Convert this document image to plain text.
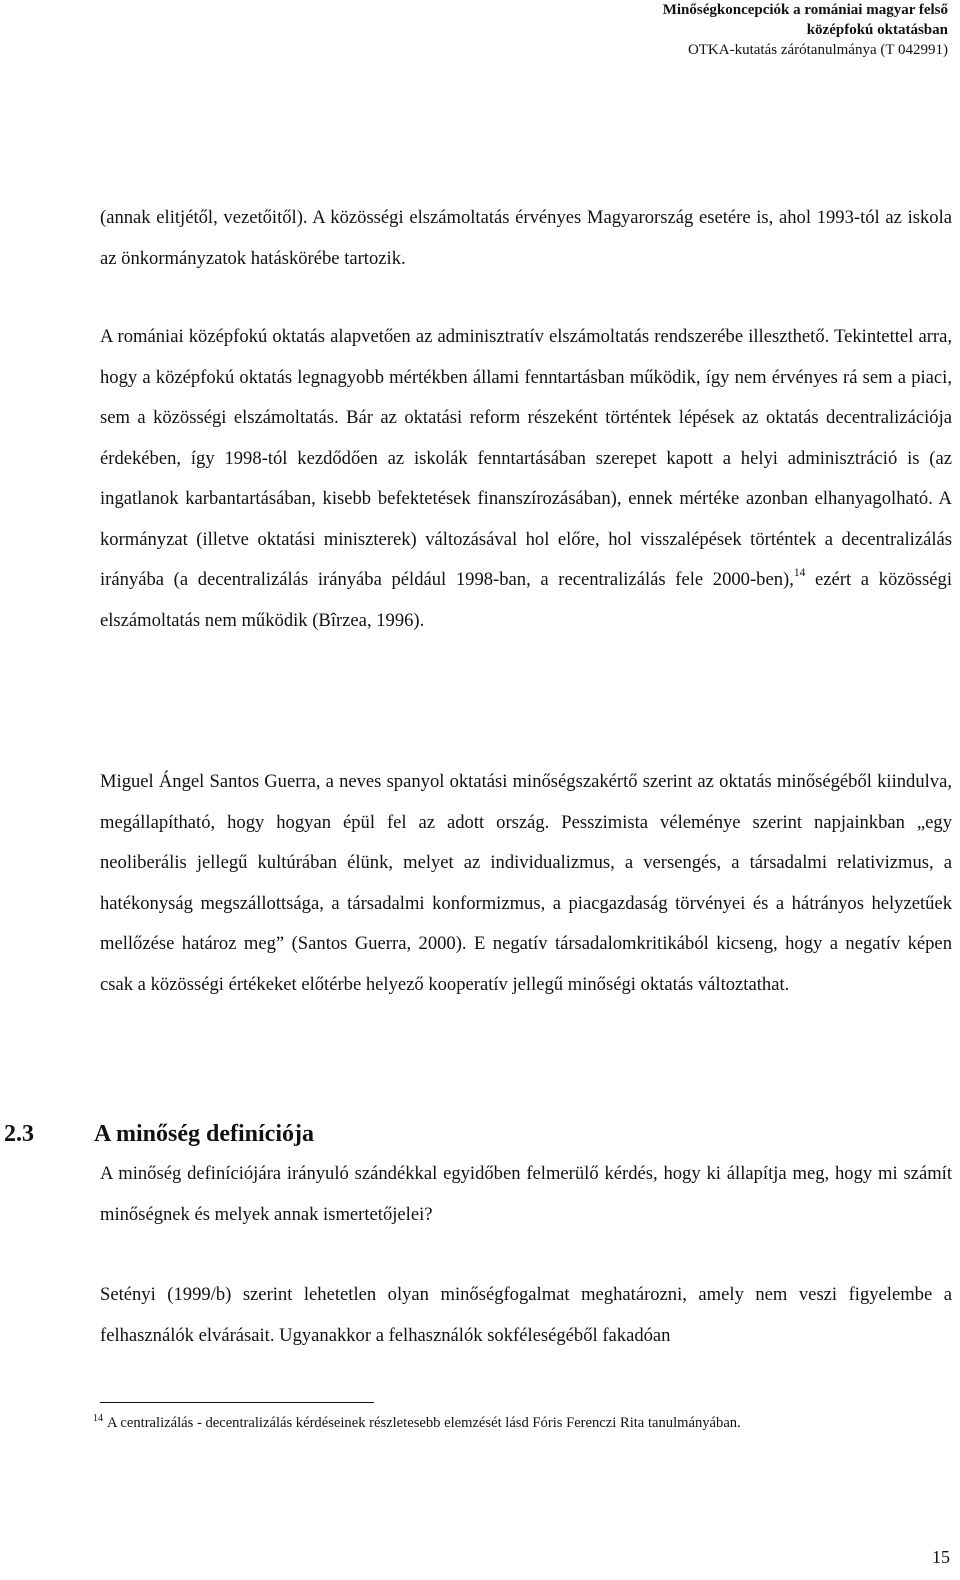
Minőségkoncepciók a romániai magyar felső
középfokú oktatásban
OTKA-kutatás zárótanulmánya (T 042991)
(annak elitjétől, vezetőitől). A közösségi elszámoltatás érvényes Magyarország esetére is, ahol 1993-tól az iskola az önkormányzatok hatáskörébe tartozik.
A romániai középfokú oktatás alapvetően az adminisztratív elszámoltatás rendszerébe illeszthető. Tekintettel arra, hogy a középfokú oktatás legnagyobb mértékben állami fenntartásban működik, így nem érvényes rá sem a piaci, sem a közösségi elszámoltatás. Bár az oktatási reform részeként történtek lépések az oktatás decentralizációja érdekében, így 1998-tól kezdődően az iskolák fenntartásában szerepet kapott a helyi adminisztráció is (az ingatlanok karbantartásában, kisebb befektetések finanszírozásában), ennek mértéke azonban elhanyagolható. A kormányzat (illetve oktatási miniszterek) változásával hol előre, hol visszalépések történtek a decentralizálás irányába (a decentralizálás irányába például 1998-ban, a recentralizálás fele 2000-ben),$^{14}$ ezért a közösségi elszámoltatás nem működik (Bîrzea, 1996).
Miguel Ángel Santos Guerra, a neves spanyol oktatási minőségszakértő szerint az oktatás minőségéből kiindulva, megállapítható, hogy hogyan épül fel az adott ország. Pesszimista véleménye szerint napjainkban „egy neoliberális jellegű kultúrában élünk, melyet az individualizmus, a versengés, a társadalmi relativizmus, a hatékonyság megszállottsága, a társadalmi konformizmus, a piacgazdaság törvényei és a hátrányos helyzetűek mellőzése határoz meg” (Santos Guerra, 2000). E negatív társadalomkritikából kicseng, hogy a negatív képen csak a közösségi értékeket előtérbe helyező kooperatív jellegű minőségi oktatás változtathat.
2.3	A minőség definíciója
A minőség definíciójára irányuló szándékkal egyidőben felmerülő kérdés, hogy ki állapítja meg, hogy mi számít minőségnek és melyek annak ismertetőjelei?
Setényi (1999/b) szerint lehetetlen olyan minőségfogalmat meghatározni, amely nem veszi figyelembe a felhasználók elvárásait. Ugyanakkor a felhasználók sokféleségéből fakadóan
$^{14}$ A centralizálás - decentralizálás kérdéseinek részletesebb elemzését lásd Fóris Ferenczi Rita tanulmányában.
15
